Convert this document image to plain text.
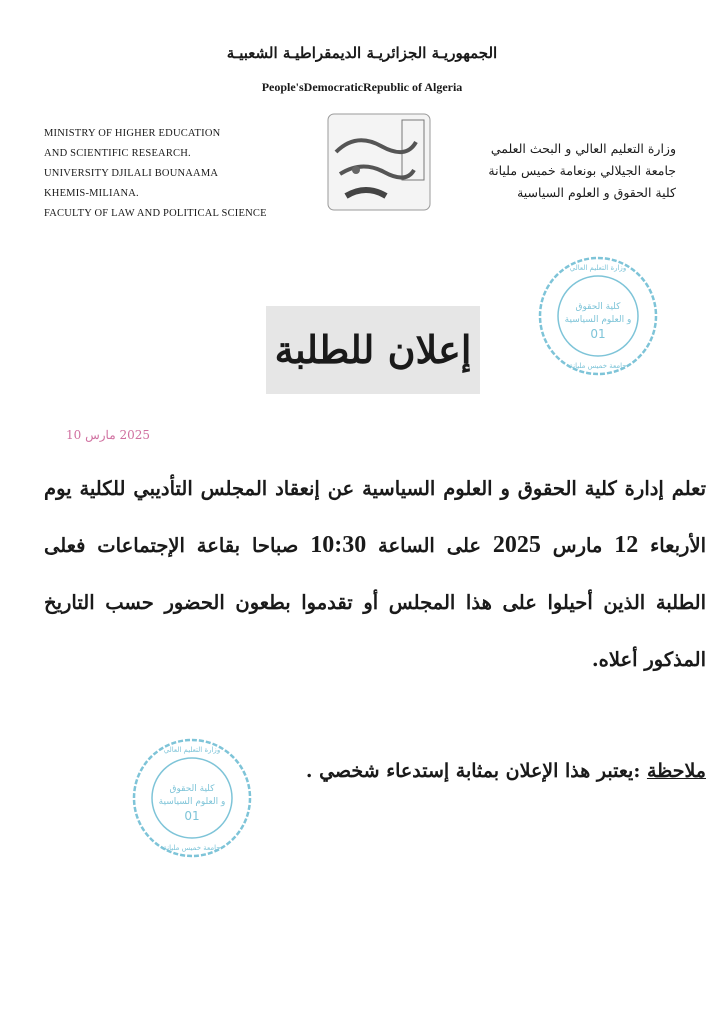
الجمهوريـة الجزائريـة الديمقراطيـة الشعبيـة
People'sDemocraticRepublic of Algeria
MINISTRY OF HIGHER EDUCATION
AND SCIENTIFIC RESEARCH.
UNIVERSITY DJILALI BOUNAAMA
KHEMIS-MILIANA.
FACULTY OF LAW AND POLITICAL SCIENCE
وزارة التعليم العالي و البحث العلمي
جامعة الجيلالي بونعامة خميس مليانة
كلية الحقوق و العلوم السياسية
كلية الحقوق
و العلوم السياسية
01
وزارة التعليم العالي
جامعة خميس مليانة
إعلان للطلبة
2025 مارس 10
تعلم إدارة كلية الحقوق و العلوم السياسية عن إنعقاد المجلس التأديبي للكلية يوم الأربعاء 12 مارس 2025 على الساعة 10:30 صباحا بقاعة الإجتماعات فعلى الطلبة الذين أحيلوا على هذا المجلس أو تقدموا بطعون الحضور حسب التاريخ المذكور أعلاه.
ملاحظة :يعتبر هذا الإعلان بمثابة إستدعاء شخصي .
كلية الحقوق
و العلوم السياسية
01
وزارة التعليم العالي
جامعة خميس مليانة
